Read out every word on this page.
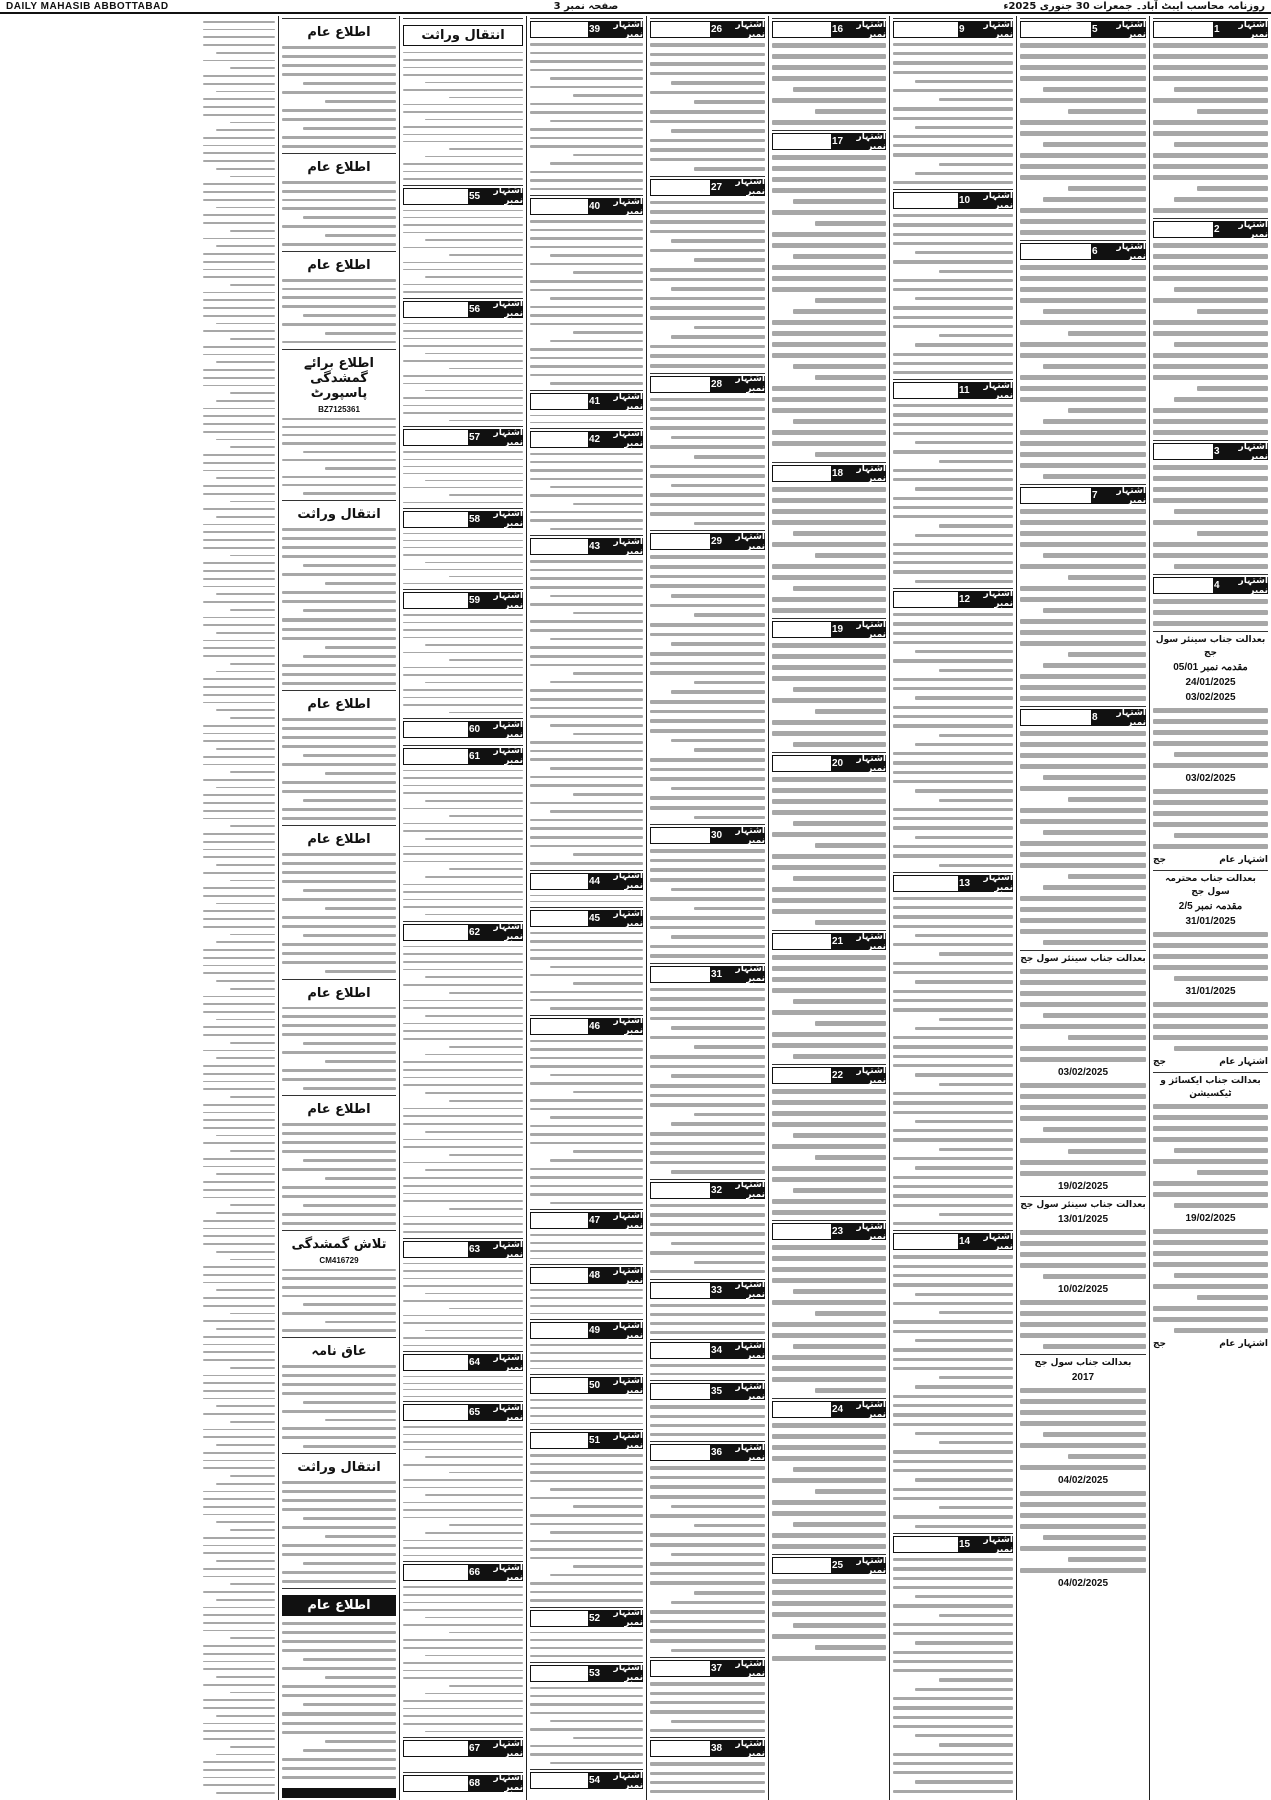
DAILY MAHASIB ABBOTTABAD	صفحہ نمبر 3	روزنامہ محاسب ایبٹ آباد۔ جمعرات 30 جنوری 2025ء
اشتہار نمبر
1
اشتہار نمبر
2
اشتہار نمبر
3
اشتہار نمبر
4
بعدالت جناب سینئر سول جج
مقدمہ نمبر 05/01
24/01/2025
03/02/2025
03/02/2025
اشتہار عام
جج
بعدالت جناب محترمہ سول جج
مقدمہ نمبر 2/5
31/01/2025
31/01/2025
اشتہار عام
جج
بعدالت جناب ایکسائز و ٹیکسیشن
19/02/2025
اشتہار عام
جج
اشتہار نمبر
5
اشتہار نمبر
6
اشتہار نمبر
7
اشتہار نمبر
8
بعدالت جناب سینئر سول جج
03/02/2025
19/02/2025
بعدالت جناب سینئر سول جج
13/01/2025
10/02/2025
بعدالت جناب سول جج
2017
04/02/2025
04/02/2025
اشتہار نمبر
9
اشتہار نمبر
10
اشتہار نمبر
11
اشتہار نمبر
12
اشتہار نمبر
13
اشتہار نمبر
14
اشتہار نمبر
15
اشتہار نمبر
16
اشتہار نمبر
17
اشتہار نمبر
18
اشتہار نمبر
19
اشتہار نمبر
20
اشتہار نمبر
21
اشتہار نمبر
22
اشتہار نمبر
23
اشتہار نمبر
24
اشتہار نمبر
25
اشتہار نمبر
26
اشتہار نمبر
27
اشتہار نمبر
28
اشتہار نمبر
29
اشتہار نمبر
30
اشتہار نمبر
31
اشتہار نمبر
32
اشتہار نمبر
33
اشتہار نمبر
34
اشتہار نمبر
35
اشتہار نمبر
36
اشتہار نمبر
37
اشتہار نمبر
38
اشتہار نمبر
39
اشتہار نمبر
40
اشتہار نمبر
41
اشتہار نمبر
42
اشتہار نمبر
43
اشتہار نمبر
44
اشتہار نمبر
45
اشتہار نمبر
46
اشتہار نمبر
47
اشتہار نمبر
48
اشتہار نمبر
49
اشتہار نمبر
50
اشتہار نمبر
51
اشتہار نمبر
52
اشتہار نمبر
53
اشتہار نمبر
54
انتقال وراثت
اشتہار نمبر
55
اشتہار نمبر
56
اشتہار نمبر
57
اشتہار نمبر
58
اشتہار نمبر
59
اشتہار نمبر
60
اشتہار نمبر
61
اشتہار نمبر
62
اشتہار نمبر
63
اشتہار نمبر
64
اشتہار نمبر
65
اشتہار نمبر
66
اشتہار نمبر
67
اشتہار نمبر
68
اطلاع عام
اطلاع عام
اطلاع عام
اطلاع برائے گمشدگی پاسپورٹ
BZ7125361
انتقال وراثت
اطلاع عام
اطلاع عام
اطلاع عام
اطلاع عام
تلاش گمشدگی
CM416729
عاق نامہ
انتقال وراثت
اطلاع عام
